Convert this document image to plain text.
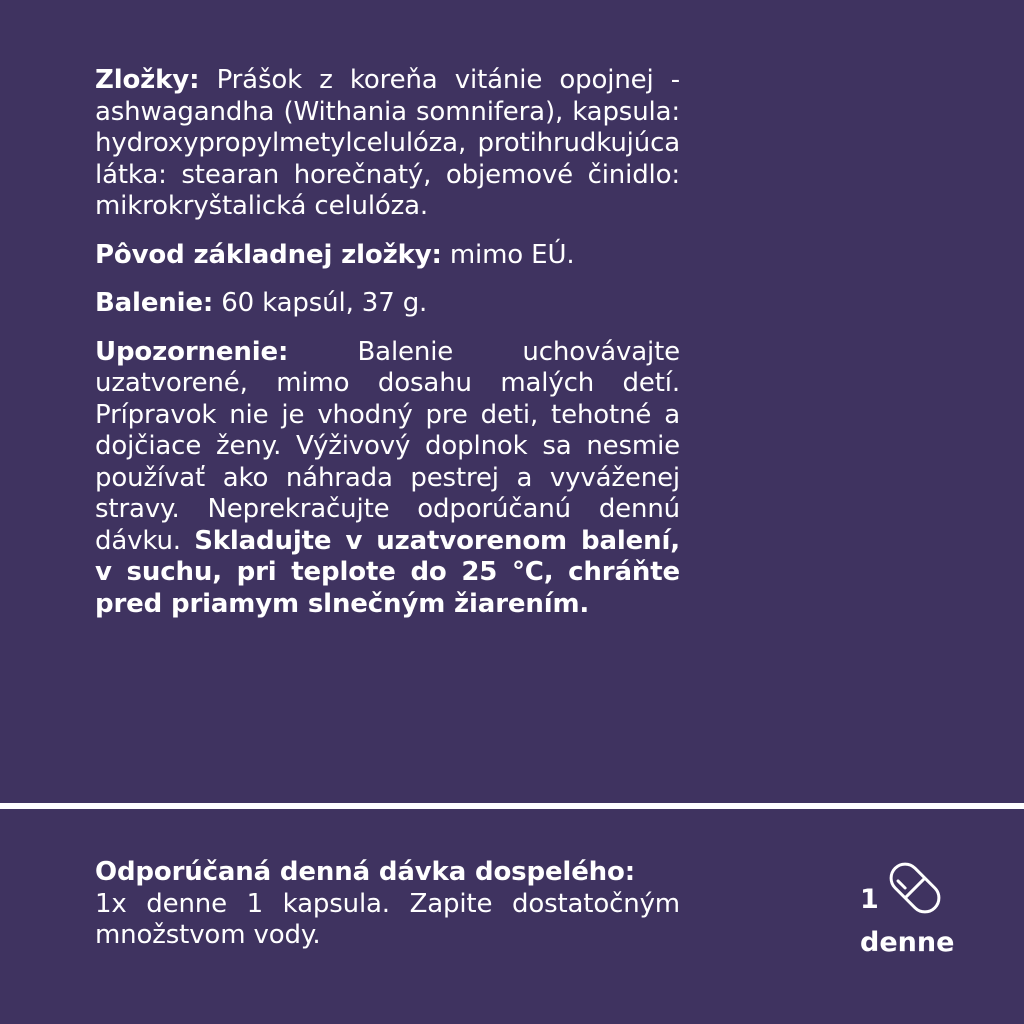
Zložky: Prášok z koreňa vitánie opojnej - ashwagandha (Withania somnifera), kapsula: hydroxypropylmetylcelulóza, protihrudkujúca látka: stearan horečnatý, objemové činidlo: mikrokryštalická celulóza.

Pôvod základnej zložky: mimo EÚ.

Balenie: 60 kapsúl, 37 g.

Upozornenie: Balenie uchovávajte uzatvorené, mimo dosahu malých detí. Prípravok nie je vhodný pre deti, tehotné a dojčiace ženy. Výživový doplnok sa nesmie používať ako náhrada pestrej a vyváženej stravy. Neprekračujte odporúčanú dennú dávku. Skladujte v uzatvorenom balení, v suchu, pri teplote do 25 °C, chráňte pred priamym slnečným žiarením.

Odporúčaná denná dávka dospelého:
1x denne 1 kapsula. Zapite dostatočným množstvom vody.

1
denne
